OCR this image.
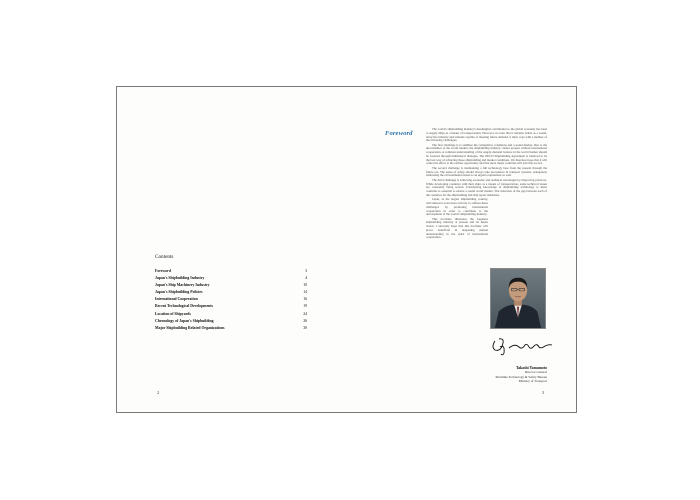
Contents
Foreword	3
Japan's Shipbuilding Industry	4
Japan's Ship Machinery Industry	10
Japan's Shipbuilding Policies	14
International Cooperation	16
Recent Technological Developments	19
Location of Shipyards	24
Chronology of Japan's Shipbuilding	26
Major Shipbuilding Related Organizations	30
2
Foreword

The world's shipbuilding industry's meaningful contribution to the global economy has been to supply ships as a means of transportation. However, in order that it remains viable as a sound, attractive industry and remains capable of meeting future demand, it must cope with a number of the following challenges.

The first challenge is to stabilize the competitive conditions and a sound market. Due to the uncertainties of the world market, the shipbuilding industry cannot prosper without international cooperation. A common understanding of the supply-demand balance in the world market should be fostered through multilateral dialogue. The OECD Shipbuilding Agreement is believed to be the best way of achieving these shipbuilding and market conditions. We therefore hope that it will come into effect at the earliest opportunity and that more major countries will join this accord.

The second challenge is maintaining a full technology base from the present through the future era. The sense of safety should always take precedence in transport systems. Adequately addressing the environmental issues is an urgent requirement as well.

The third challenge is achieving economic and technical advantages by improving practices. While developing countries with their ships as a means of transportation, some technical issues are constantly being solved. Transferring knowledge of shipbuilding technology to these countries is essential to ensure a sound world market. The reduction of the gap between each of the countries for the shipbuilding and ship repair industries.

Japan, as the largest shipbuilding country, will endeavor even more actively to address these challenges by promoting international cooperation in order to contribute to the development of the world's shipbuilding industry.

This brochure illustrates the Japanese shipbuilding industry at present and its future vision. I sincerely hope that this brochure will prove beneficial in deepening mutual understanding in the spirit of international cooperation.

Takashi Yamamoto
Director General
Maritime Technology & Safety Bureau
Ministry of Transport
3
